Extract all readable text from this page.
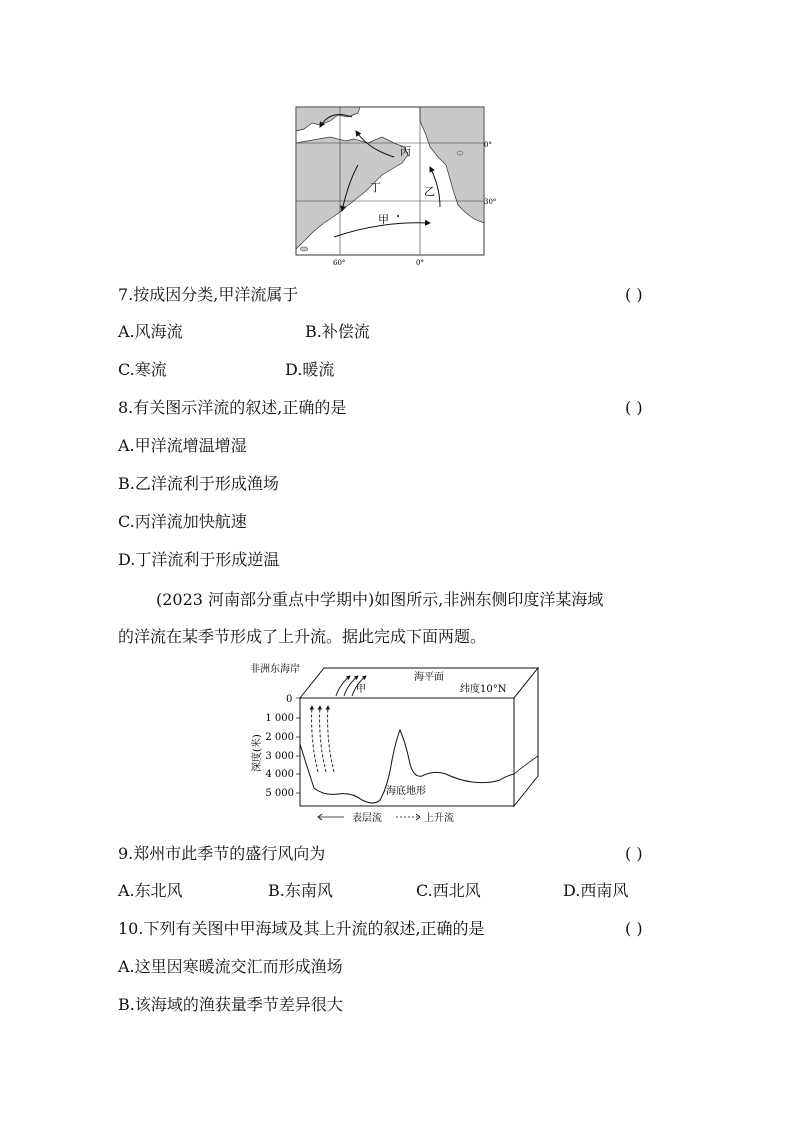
丙
丁	乙
甲
0°
30°
60°	0°
7.按成因分类,甲洋流属于	( )
A.风海流	B.补偿流
C.寒流	D.暖流
8.有关图示洋流的叙述,正确的是	( )
A.甲洋流增温增湿
B.乙洋流利于形成渔场
C.丙洋流加快航速
D.丁洋流利于形成逆温
(2023 河南部分重点中学期中)如图所示,非洲东侧印度洋某海域
的洋流在某季节形成了上升流。据此完成下面两题。
非洲东海岸
甲
海平面
纬度10°N
0
1 000
2 000
3 000
4 000
5 000
深度(米)
海底地形
表层流	上升流
9.郑州市此季节的盛行风向为	( )
A.东北风	B.东南风	C.西北风	D.西南风
10.下列有关图中甲海域及其上升流的叙述,正确的是	( )
A.这里因寒暖流交汇而形成渔场
B.该海域的渔获量季节差异很大
